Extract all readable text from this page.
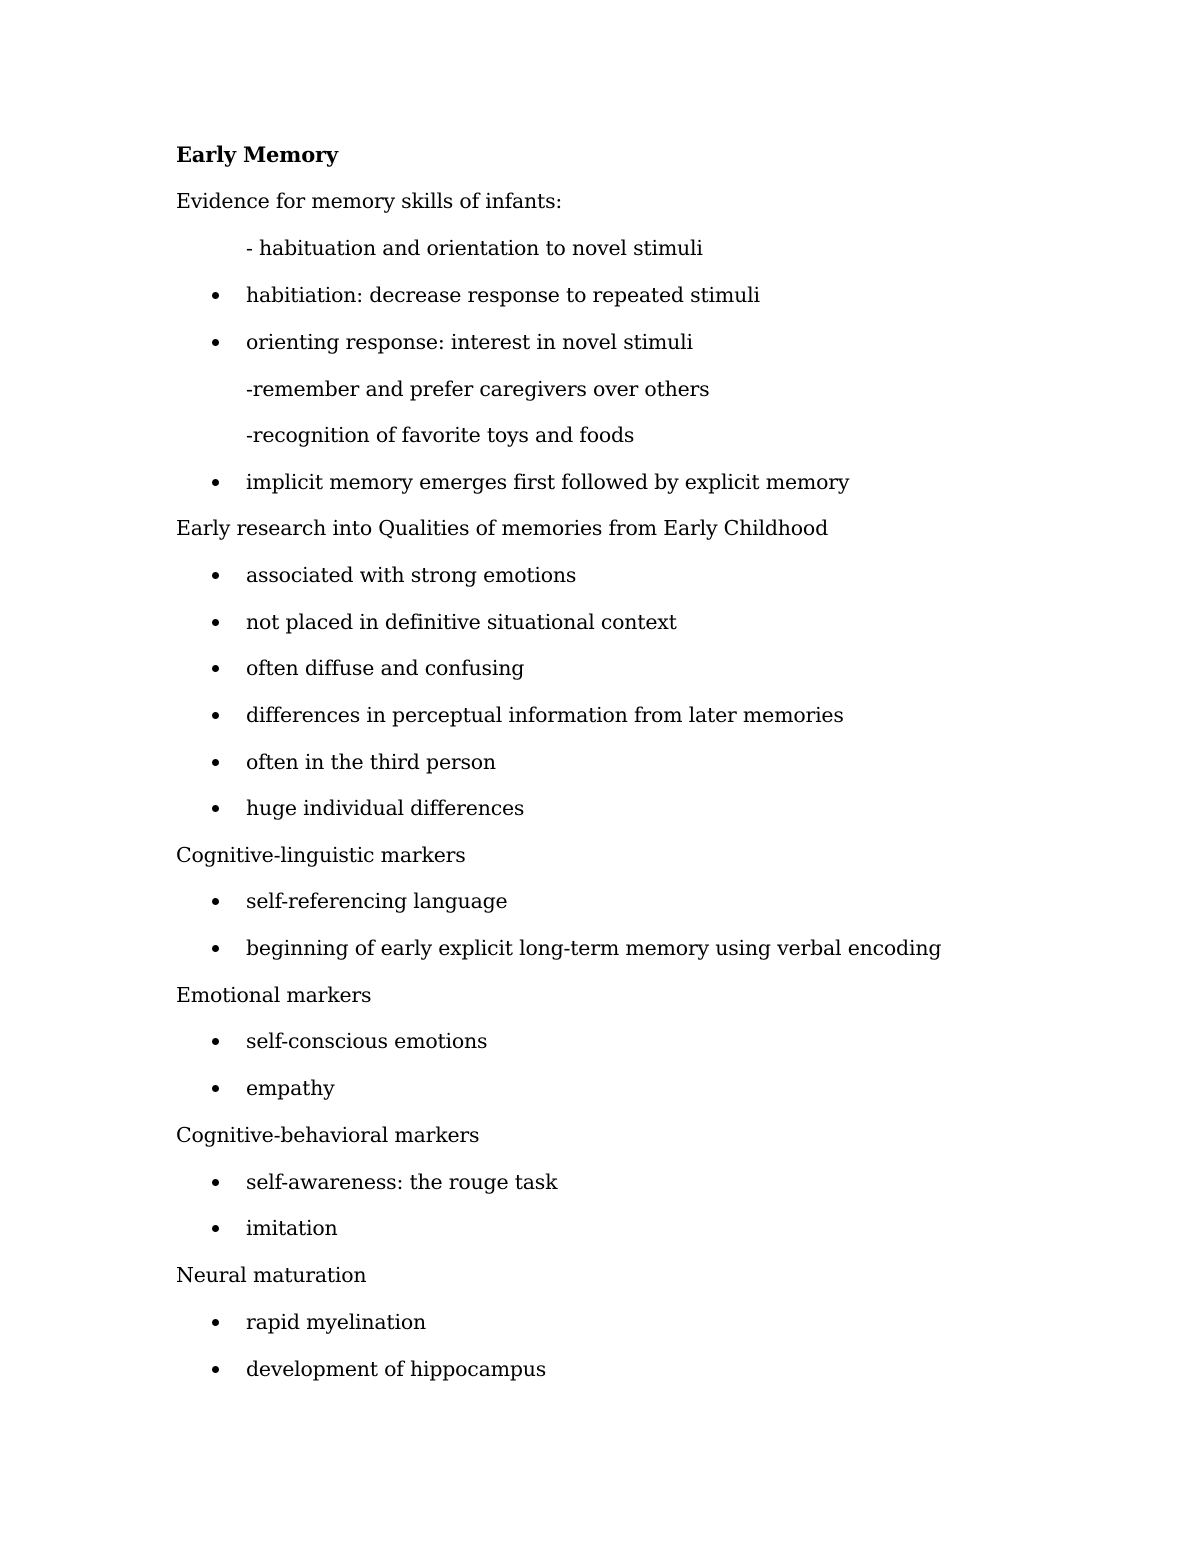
Early Memory
Evidence for memory skills of infants:
- habituation and orientation to novel stimuli
habitiation: decrease response to repeated stimuli
orienting response: interest in novel stimuli
-remember and prefer caregivers over others
-recognition of favorite toys and foods
implicit memory emerges first followed by explicit memory
Early research into Qualities of memories from Early Childhood
associated with strong emotions
not placed in definitive situational context
often diffuse and confusing
differences in perceptual information from later memories
often in the third person
huge individual differences
Cognitive-linguistic markers
self-referencing language
beginning of early explicit long-term memory using verbal encoding
Emotional markers
self-conscious emotions
empathy
Cognitive-behavioral markers
self-awareness: the rouge task
imitation
Neural maturation
rapid myelination
development of hippocampus
